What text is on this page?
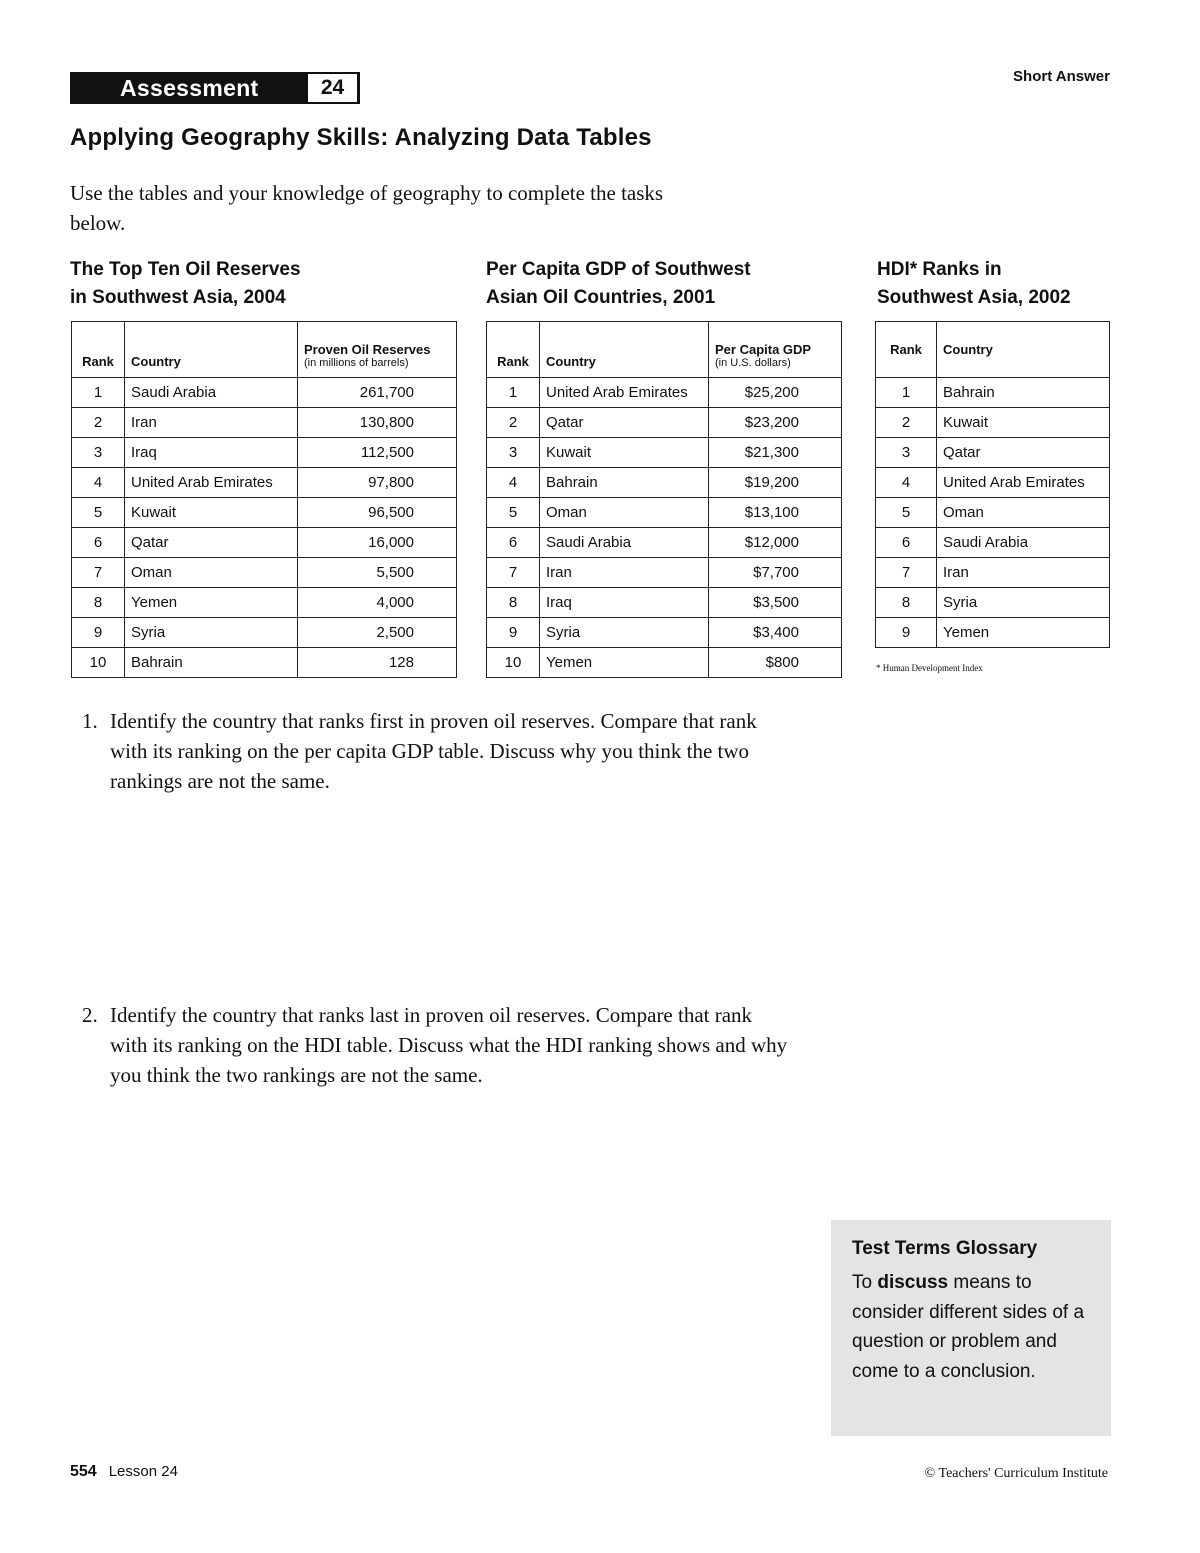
Assessment	24	Short Answer
Applying Geography Skills: Analyzing Data Tables
Use the tables and your knowledge of geography to complete the tasks below.
The Top Ten Oil Reserves
in Southwest Asia, 2004
Rank	Country	Proven Oil Reserves
(in millions of barrels)

1	Saudi Arabia	261,700
2	Iran	130,800
3	Iraq	112,500
4	United Arab Emirates	97,800
5	Kuwait	96,500
6	Qatar	16,000
7	Oman	5,500
8	Yemen	4,000
9	Syria	2,500
10	Bahrain	128
Per Capita GDP of Southwest
Asian Oil Countries, 2001
Rank	Country	Per Capita GDP
(in U.S. dollars)

1	United Arab Emirates	$25,200
2	Qatar	$23,200
3	Kuwait	$21,300
4	Bahrain	$19,200
5	Oman	$13,100
6	Saudi Arabia	$12,000
7	Iran	$7,700
8	Iraq	$3,500
9	Syria	$3,400
10	Yemen	$800
HDI* Ranks in
Southwest Asia, 2002
Rank	Country
1	Bahrain
2	Kuwait
3	Qatar
4	United Arab Emirates
5	Oman
6	Saudi Arabia
7	Iran
8	Syria
9	Yemen
* Human Development Index
1. Identify the country that ranks first in proven oil reserves. Compare that rank with its ranking on the per capita GDP table. Discuss why you think the two rankings are not the same.
2. Identify the country that ranks last in proven oil reserves. Compare that rank with its ranking on the HDI table. Discuss what the HDI ranking shows and why you think the two rankings are not the same.
Test Terms Glossary
To discuss means to consider different sides of a question or problem and come to a conclusion.
554 Lesson 24	© Teachers' Curriculum Institute
